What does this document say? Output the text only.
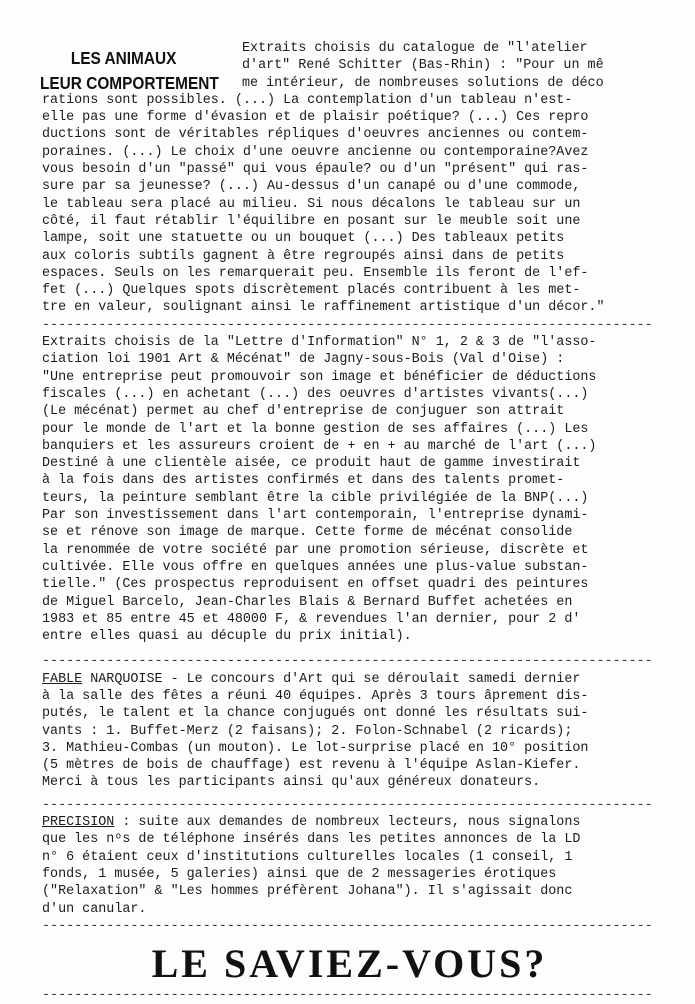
LES ANIMAUX
LEUR COMPORTEMENT
Extraits choisis du catalogue de "l'atelier
d'art" René Schitter (Bas-Rhin) : "Pour un mê
me intérieur, de nombreuses solutions de déco
rations sont possibles. (...) La contemplation d'un tableau n'est-
elle pas une forme d'évasion et de plaisir poétique? (...) Ces repro
ductions sont de véritables répliques d'oeuvres anciennes ou contem-
poraines. (...) Le choix d'une oeuvre ancienne ou contemporaine?Avez
vous besoin d'un "passé" qui vous épaule? ou d'un "présent" qui ras-
sure par sa jeunesse? (...) Au-dessus d'un canapé ou d'une commode,
le tableau sera placé au milieu. Si nous décalons le tableau sur un
côté, il faut rétablir l'équilibre en posant sur le meuble soit une
lampe, soit une statuette ou un bouquet (...) Des tableaux petits
aux coloris subtils gagnent à être regroupés ainsi dans de petits
espaces. Seuls on les remarquerait peu. Ensemble ils feront de l'ef-
fet (...) Quelques spots discrètement placés contribuent à les met-
tre en valeur, soulignant ainsi le raffinement artistique d'un décor."
----------------------------------------------------------------------------
Extraits choisis de la "Lettre d'Information" N° 1, 2 & 3 de "l'asso-
ciation loi 1901 Art & Mécénat" de Jagny-sous-Bois (Val d'Oise) :
"Une entreprise peut promouvoir son image et bénéficier de déductions
fiscales (...) en achetant (...) des oeuvres d'artistes vivants(...)
(Le mécénat) permet au chef d'entreprise de conjuguer son attrait
pour le monde de l'art et la bonne gestion de ses affaires (...) Les
banquiers et les assureurs croient de + en + au marché de l'art (...)
Destiné à une clientèle aisée, ce produit haut de gamme investirait
à la fois dans des artistes confirmés et dans des talents promet-
teurs, la peinture semblant être la cible privilégiée de la BNP(...)
Par son investissement dans l'art contemporain, l'entreprise dynami-
se et rénove son image de marque. Cette forme de mécénat consolide
la renommée de votre société par une promotion sérieuse, discrète et
cultivée. Elle vous offre en quelques années une plus-value substan-
tielle." (Ces prospectus reproduisent en offset quadri des peintures
de Miguel Barcelo, Jean-Charles Blais & Bernard Buffet achetées en
1983 et 85 entre 45 et 48000 F, & revendues l'an dernier, pour 2 d'
entre elles quasi au décuple du prix initial).
----------------------------------------------------------------------------
FABLE NARQUOISE - Le concours d'Art qui se déroulait samedi dernier
à la salle des fêtes a réuni 40 équipes. Après 3 tours âprement dis-
putés, le talent et la chance conjugués ont donné les résultats sui-
vants : 1. Buffet-Merz (2 faisans); 2. Folon-Schnabel (2 ricards);
3. Mathieu-Combas (un mouton). Le lot-surprise placé en 10° position
(5 mètres de bois de chauffage) est revenu à l'équipe Aslan-Kiefer.
Merci à tous les participants ainsi qu'aux généreux donateurs.
----------------------------------------------------------------------------
PRECISION : suite aux demandes de nombreux lecteurs, nous signalons
que les nᵒs de téléphone insérés dans les petites annonces de la LD
n° 6 étaient ceux d'institutions culturelles locales (1 conseil, 1
fonds, 1 musée, 5 galeries) ainsi que de 2 messageries érotiques
("Relaxation" & "Les hommes préfèrent Johana"). Il s'agissait donc
d'un canular.
----------------------------------------------------------------------------
LE SAVIEZ-VOUS?
----------------------------------------------------------------------------
